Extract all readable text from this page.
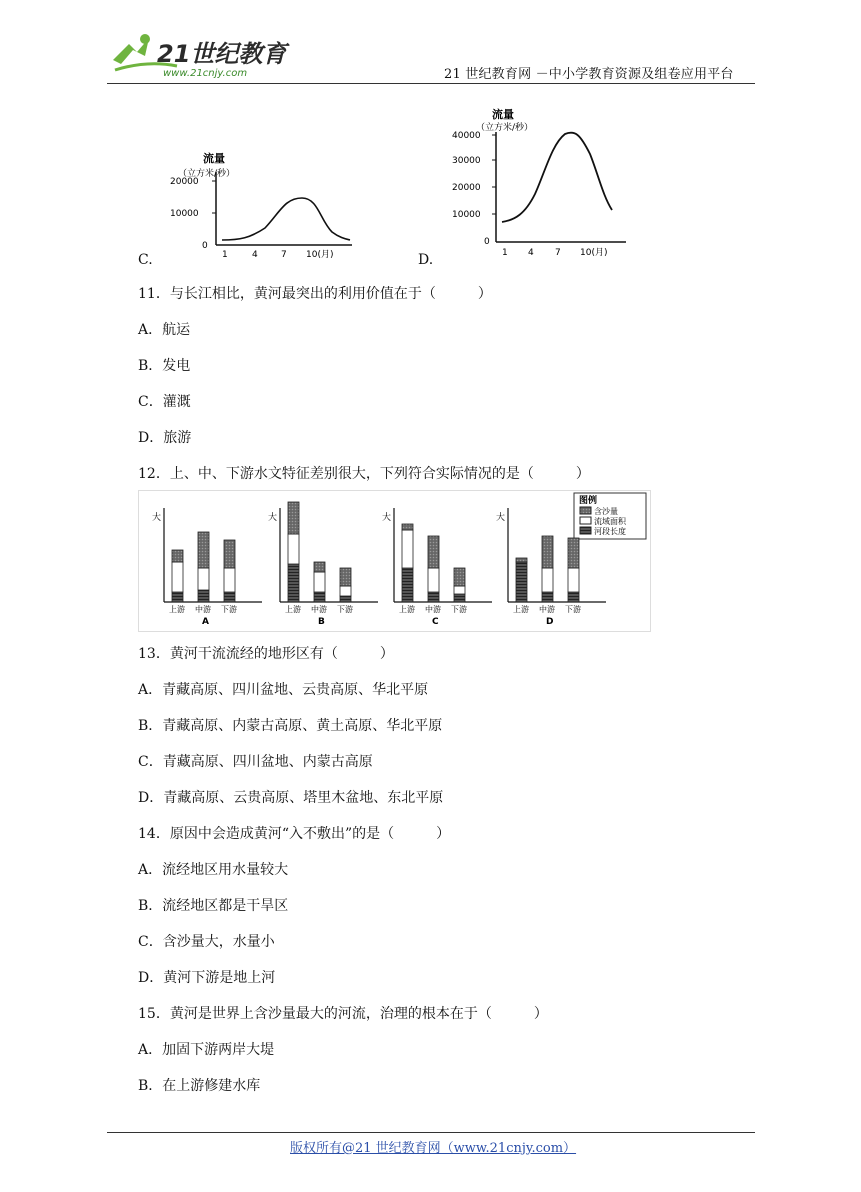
21世纪教育
www.21cnjy.com	21 世纪教育网 －中小学教育资源及组卷应用平台
C.
流量
（立方米/秒）
20000
10000
0
1	4	7 10(月)	D.
流量
（立方米/秒）
40000
30000
20000
10000
0
1 4 7 10(月)
11．与长江相比，黄河最突出的利用价值在于（　　　）
A．航运
B．发电
C．灌溉
D．旅游
12．上、中、下游水文特征差别很大，下列符合实际情况的是（　　　）
图例
含沙量
流域面积
河段长度
大
上游 中游 下游
A
大
上游 中游 下游
B
大
上游 中游 下游
C
大
上游 中游 下游
D
13．黄河干流流经的地形区有（　　　）
A．青藏高原、四川盆地、云贵高原、华北平原
B．青藏高原、内蒙古高原、黄土高原、华北平原
C．青藏高原、四川盆地、内蒙古高原
D．青藏高原、云贵高原、塔里木盆地、东北平原
14．原因中会造成黄河“入不敷出”的是（　　　）
A．流经地区用水量较大
B．流经地区都是干旱区
C．含沙量大，水量小
D．黄河下游是地上河
15．黄河是世界上含沙量最大的河流，治理的根本在于（　　　）
A．加固下游两岸大堤
B．在上游修建水库
版权所有@21 世纪教育网（www.21cnjy.com）
